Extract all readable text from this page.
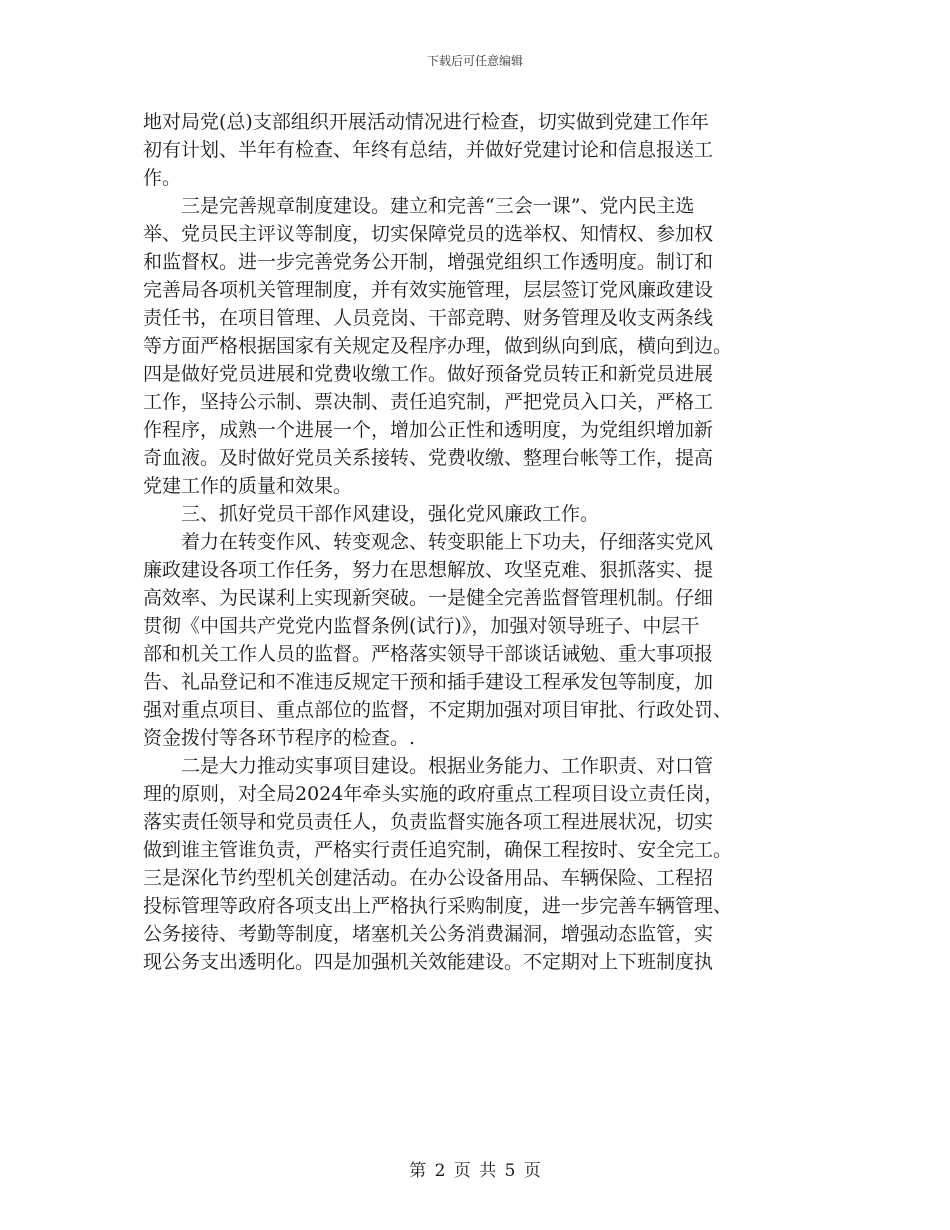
下载后可任意编辑
地对局党(总)支部组织开展活动情况进行检查，切实做到党建工作年
初有计划、半年有检查、年终有总结，并做好党建讨论和信息报送工
作。
　　三是完善规章制度建设。建立和完善“三会一课”、党内民主选
举、党员民主评议等制度，切实保障党员的选举权、知情权、参加权
和监督权。进一步完善党务公开制，增强党组织工作透明度。制订和
完善局各项机关管理制度，并有效实施管理，层层签订党风廉政建设
责任书，在项目管理、人员竞岗、干部竞聘、财务管理及收支两条线
等方面严格根据国家有关规定及程序办理，做到纵向到底，横向到边。
四是做好党员进展和党费收缴工作。做好预备党员转正和新党员进展
工作，坚持公示制、票决制、责任追究制，严把党员入口关，严格工
作程序，成熟一个进展一个，增加公正性和透明度，为党组织增加新
奇血液。及时做好党员关系接转、党费收缴、整理台帐等工作，提高
党建工作的质量和效果。
　　三、抓好党员干部作风建设，强化党风廉政工作。
　　着力在转变作风、转变观念、转变职能上下功夫，仔细落实党风
廉政建设各项工作任务，努力在思想解放、攻坚克难、狠抓落实、提
高效率、为民谋利上实现新突破。一是健全完善监督管理机制。仔细
贯彻《中国共产党党内监督条例(试行)》，加强对领导班子、中层干
部和机关工作人员的监督。严格落实领导干部谈话诫勉、重大事项报
告、礼品登记和不准违反规定干预和插手建设工程承发包等制度，加
强对重点项目、重点部位的监督，不定期加强对项目审批、行政处罚、
资金拨付等各环节程序的检查。.
　　二是大力推动实事项目建设。根据业务能力、工作职责、对口管
理的原则，对全局2024年牵头实施的政府重点工程项目设立责任岗，
落实责任领导和党员责任人，负责监督实施各项工程进展状况，切实
做到谁主管谁负责，严格实行责任追究制，确保工程按时、安全完工。
三是深化节约型机关创建活动。在办公设备用品、车辆保险、工程招
投标管理等政府各项支出上严格执行采购制度，进一步完善车辆管理、
公务接待、考勤等制度，堵塞机关公务消费漏洞，增强动态监管，实
现公务支出透明化。四是加强机关效能建设。不定期对上下班制度执
第 2 页 共 5 页
